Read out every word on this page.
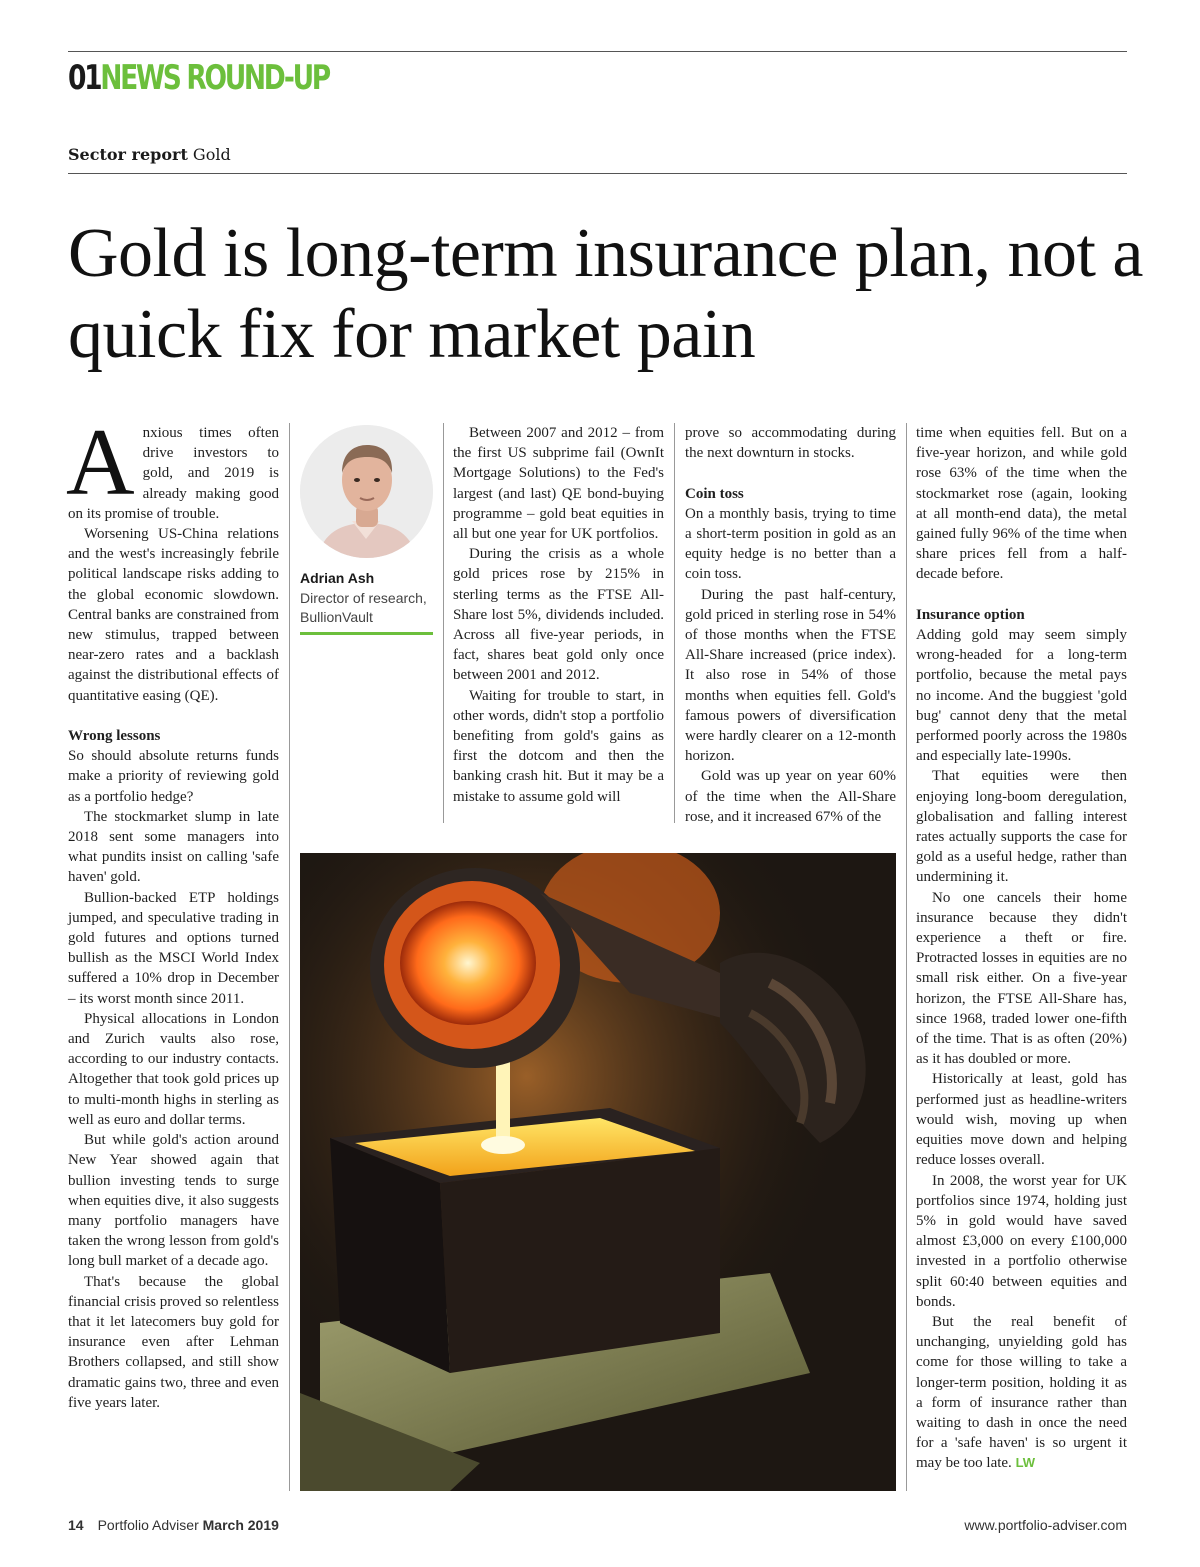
01NEWS ROUND-UP
Sector report Gold
Gold is long-term insurance plan, not a quick fix for market pain

Anxious times often drive investors to gold, and 2019 is already making good on its promise of trouble.

Worsening US-China relations and the west's increasingly febrile political landscape risks adding to the global economic slowdown. Central banks are constrained from new stimulus, trapped between near-zero rates and a backlash against the distributional effects of quantitative easing (QE).

Wrong lessons

So should absolute returns funds make a priority of reviewing gold as a portfolio hedge?

The stockmarket slump in late 2018 sent some managers into what pundits insist on calling 'safe haven' gold.

Bullion-backed ETP holdings jumped, and speculative trading in gold futures and options turned bullish as the MSCI World Index suffered a 10% drop in December – its worst month since 2011.

Physical allocations in London and Zurich vaults also rose, according to our industry contacts. Altogether that took gold prices up to multi-month highs in sterling as well as euro and dollar terms.

But while gold's action around New Year showed again that bullion investing tends to surge when equities dive, it also suggests many portfolio managers have taken the wrong lesson from gold's long bull market of a decade ago.

That's because the global financial crisis proved so relentless that it let latecomers buy gold for insurance even after Lehman Brothers collapsed, and still show dramatic gains two, three and even five years later.

Adrian Ash
Director of research, BullionVault

Between 2007 and 2012 – from the first US subprime fail (OwnIt Mortgage Solutions) to the Fed's largest (and last) QE bond-buying programme – gold beat equities in all but one year for UK portfolios.

During the crisis as a whole gold prices rose by 215% in sterling terms as the FTSE All-Share lost 5%, dividends included. Across all five-year periods, in fact, shares beat gold only once between 2001 and 2012.

Waiting for trouble to start, in other words, didn't stop a portfolio benefiting from gold's gains as first the dotcom and then the banking crash hit. But it may be a mistake to assume gold will

prove so accommodating during the next downturn in stocks.

Coin toss

On a monthly basis, trying to time a short-term position in gold as an equity hedge is no better than a coin toss.

During the past half-century, gold priced in sterling rose in 54% of those months when the FTSE All-Share increased (price index). It also rose in 54% of those months when equities fell. Gold's famous powers of diversification were hardly clearer on a 12-month horizon.

Gold was up year on year 60% of the time when the All-Share rose, and it increased 67% of the

time when equities fell. But on a five-year horizon, and while gold rose 63% of the time when the stockmarket rose (again, looking at all month-end data), the metal gained fully 96% of the time when share prices fell from a half-decade before.

Insurance option

Adding gold may seem simply wrong-headed for a long-term portfolio, because the metal pays no income. And the buggiest 'gold bug' cannot deny that the metal performed poorly across the 1980s and especially late-1990s.

That equities were then enjoying long-boom deregulation, globalisation and falling interest rates actually supports the case for gold as a useful hedge, rather than undermining it.

No one cancels their home insurance because they didn't experience a theft or fire. Protracted losses in equities are no small risk either. On a five-year horizon, the FTSE All-Share has, since 1968, traded lower one-fifth of the time. That is as often (20%) as it has doubled or more.

Historically at least, gold has performed just as headline-writers would wish, moving up when equities move down and helping reduce losses overall.

In 2008, the worst year for UK portfolios since 1974, holding just 5% in gold would have saved almost £3,000 on every £100,000 invested in a portfolio otherwise split 60:40 between equities and bonds.

But the real benefit of unchanging, unyielding gold has come for those willing to take a longer-term position, holding it as a form of insurance rather than waiting to dash in once the need for a 'safe haven' is so urgent it may be too late. LW

14 Portfolio Adviser March 2019	www.portfolio-adviser.com
